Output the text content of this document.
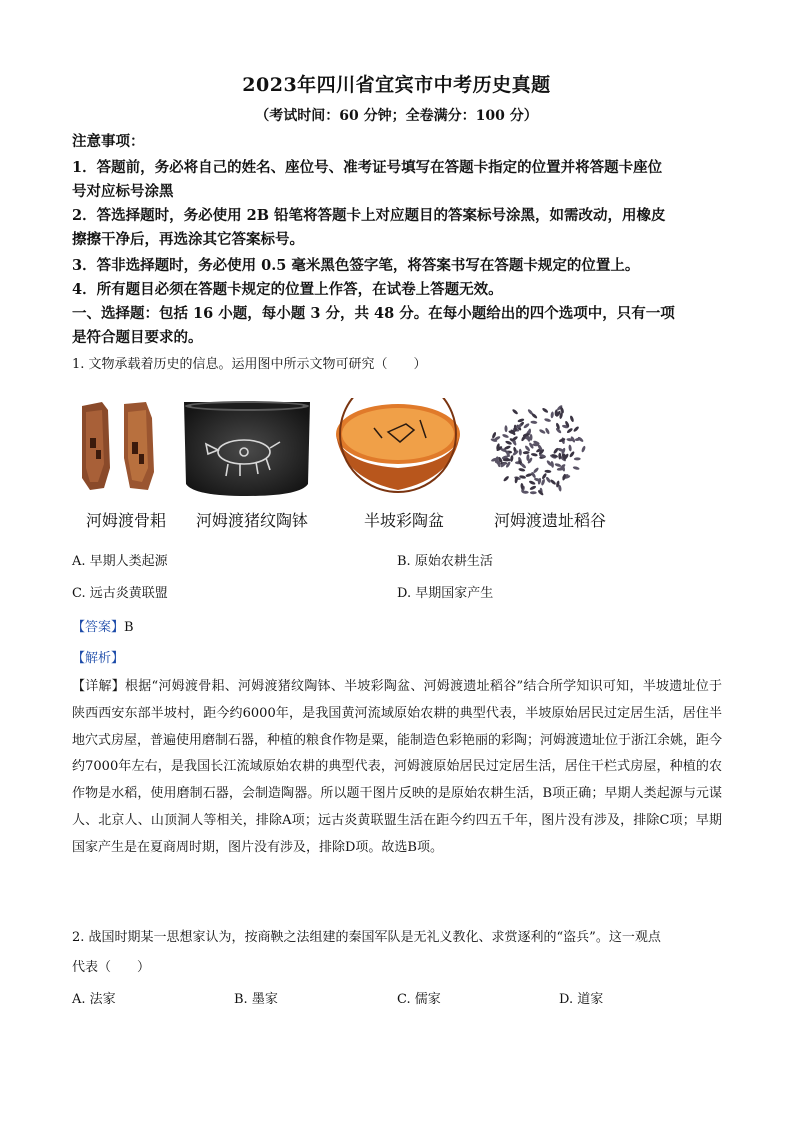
2023年四川省宜宾市中考历史真题
（考试时间：60 分钟；全卷满分：100 分）
注意事项：
1．答题前，务必将自己的姓名、座位号、准考证号填写在答题卡指定的位置并将答题卡座位
号对应标号涂黑
2．答选择题时，务必使用 2B 铅笔将答题卡上对应题目的答案标号涂黑，如需改动，用橡皮
擦擦干净后，再选涂其它答案标号。
3．答非选择题时，务必使用 0.5 毫米黑色签字笔，将答案书写在答题卡规定的位置上。
4．所有题目必须在答题卡规定的位置上作答，在试卷上答题无效。
一、选择题：包括 16 小题，每小题 3 分，共 48 分。在每小题给出的四个选项中，只有一项
是符合题目要求的。
1. 文物承载着历史的信息。运用图中所示文物可研究（　　）
河姆渡骨耜	河姆渡猪纹陶钵	半坡彩陶盆	河姆渡遗址稻谷
A. 早期人类起源	B. 原始农耕生活
C. 远古炎黄联盟	D. 早期国家产生
【答案】B
【解析】
【详解】根据“河姆渡骨耜、河姆渡猪纹陶钵、半坡彩陶盆、河姆渡遗址稻谷”结合所学知识可知，半坡遗址位于陕西西安东部半坡村，距今约6000年，是我国黄河流域原始农耕的典型代表，半坡原始居民过定居生活，居住半地穴式房屋，普遍使用磨制石器，种植的粮食作物是粟，能制造色彩艳丽的彩陶；河姆渡遗址位于浙江余姚，距今约7000年左右，是我国长江流域原始农耕的典型代表，河姆渡原始居民过定居生活，居住干栏式房屋，种植的农作物是水稻，使用磨制石器，会制造陶器。所以题干图片反映的是原始农耕生活，B项正确；早期人类起源与元谋人、北京人、山顶洞人等相关，排除A项；远古炎黄联盟生活在距今约四五千年，图片没有涉及，排除C项；早期国家产生是在夏商周时期，图片没有涉及，排除D项。故选B项。
2. 战国时期某一思想家认为，按商鞅之法组建的秦国军队是无礼义教化、求赏逐利的“盗兵”。这一观点
代表（　　）
A. 法家	B. 墨家	C. 儒家	D. 道家
